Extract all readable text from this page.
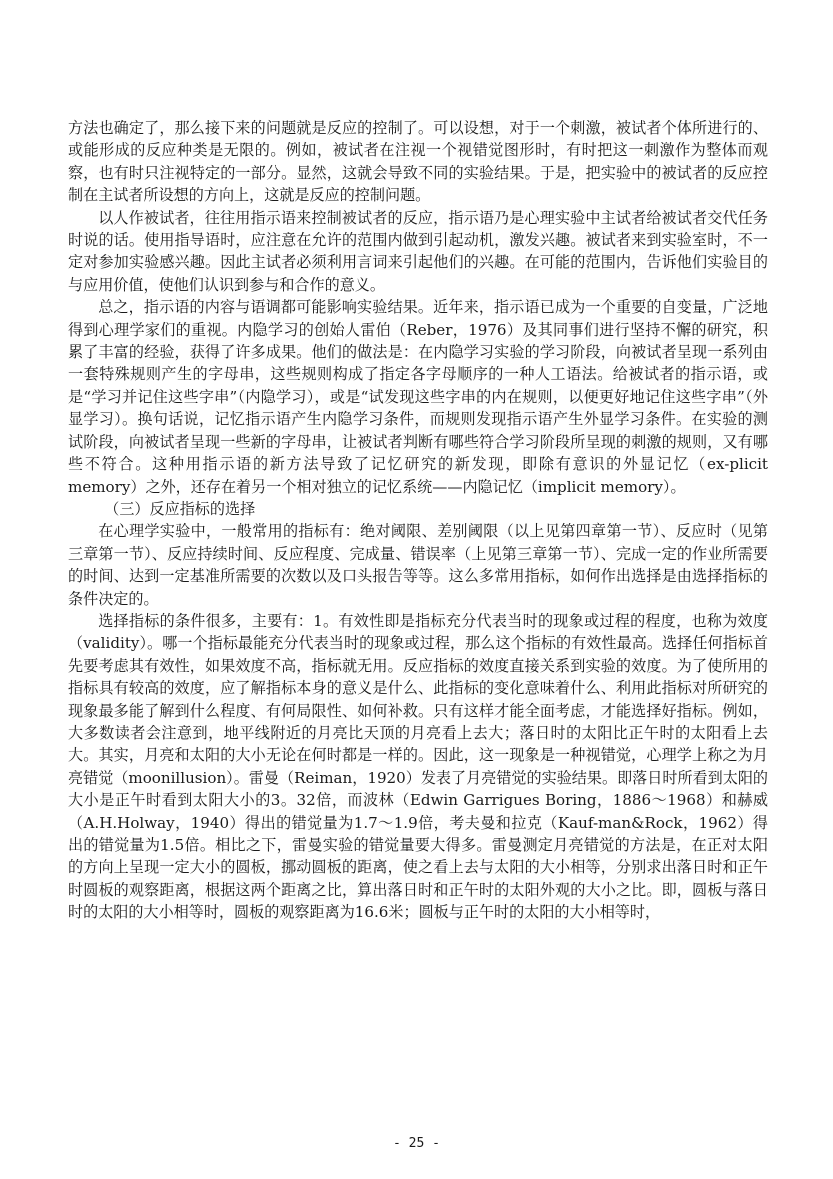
方法也确定了，那么接下来的问题就是反应的控制了。可以设想，对于一个刺激，被试者个体所进行的、或能形成的反应种类是无限的。例如，被试者在注视一个视错觉图形时，有时把这一刺激作为整体而观察，也有时只注视特定的一部分。显然，这就会导致不同的实验结果。于是，把实验中的被试者的反应控制在主试者所设想的方向上，这就是反应的控制问题。

以人作被试者，往往用指示语来控制被试者的反应，指示语乃是心理实验中主试者给被试者交代任务时说的话。使用指导语时，应注意在允许的范围内做到引起动机，激发兴趣。被试者来到实验室时，不一定对参加实验感兴趣。因此主试者必须利用言词来引起他们的兴趣。在可能的范围内，告诉他们实验目的与应用价值，使他们认识到参与和合作的意义。

总之，指示语的内容与语调都可能影响实验结果。近年来，指示语已成为一个重要的自变量，广泛地得到心理学家们的重视。内隐学习的创始人雷伯（Reber，1976）及其同事们进行坚持不懈的研究，积累了丰富的经验，获得了许多成果。他们的做法是：在内隐学习实验的学习阶段，向被试者呈现一系列由一套特殊规则产生的字母串，这些规则构成了指定各字母顺序的一种人工语法。给被试者的指示语，或是“学习并记住这些字串”（内隐学习），或是“试发现这些字串的内在规则，以便更好地记住这些字串”（外显学习）。换句话说，记忆指示语产生内隐学习条件，而规则发现指示语产生外显学习条件。在实验的测试阶段，向被试者呈现一些新的字母串，让被试者判断有哪些符合学习阶段所呈现的刺激的规则，又有哪些不符合。这种用指示语的新方法导致了记忆研究的新发现，即除有意识的外显记忆（ex-plicit memory）之外，还存在着另一个相对独立的记忆系统——内隐记忆（implicit memory）。

（三）反应指标的选择

在心理学实验中，一般常用的指标有：绝对阈限、差别阈限（以上见第四章第一节）、反应时（见第三章第一节）、反应持续时间、反应程度、完成量、错误率（上见第三章第一节）、完成一定的作业所需要的时间、达到一定基准所需要的次数以及口头报告等等。这么多常用指标，如何作出选择是由选择指标的条件决定的。

选择指标的条件很多，主要有：1。有效性即是指标充分代表当时的现象或过程的程度，也称为效度（validity）。哪一个指标最能充分代表当时的现象或过程，那么这个指标的有效性最高。选择任何指标首先要考虑其有效性，如果效度不高，指标就无用。反应指标的效度直接关系到实验的效度。为了使所用的指标具有较高的效度，应了解指标本身的意义是什么、此指标的变化意味着什么、利用此指标对所研究的现象最多能了解到什么程度、有何局限性、如何补救。只有这样才能全面考虑，才能选择好指标。例如，大多数读者会注意到，地平线附近的月亮比天顶的月亮看上去大；落日时的太阳比正午时的太阳看上去大。其实，月亮和太阳的大小无论在何时都是一样的。因此，这一现象是一种视错觉，心理学上称之为月亮错觉（moonillusion）。雷曼（Reiman，1920）发表了月亮错觉的实验结果。即落日时所看到太阳的大小是正午时看到太阳大小的3。32倍，而波林（Edwin Garrigues Boring，1886～1968）和赫威（A.H.Holway，1940）得出的错觉量为1.7～1.9倍，考夫曼和拉克（Kauf-man&Rock，1962）得出的错觉量为1.5倍。相比之下，雷曼实验的错觉量要大得多。雷曼测定月亮错觉的方法是，在正对太阳的方向上呈现一定大小的圆板，挪动圆板的距离，使之看上去与太阳的大小相等，分别求出落日时和正午时圆板的观察距离，根据这两个距离之比，算出落日时和正午时的太阳外观的大小之比。即，圆板与落日时的太阳的大小相等时，圆板的观察距离为16.6米；圆板与正午时的太阳的大小相等时，

- 25 -
